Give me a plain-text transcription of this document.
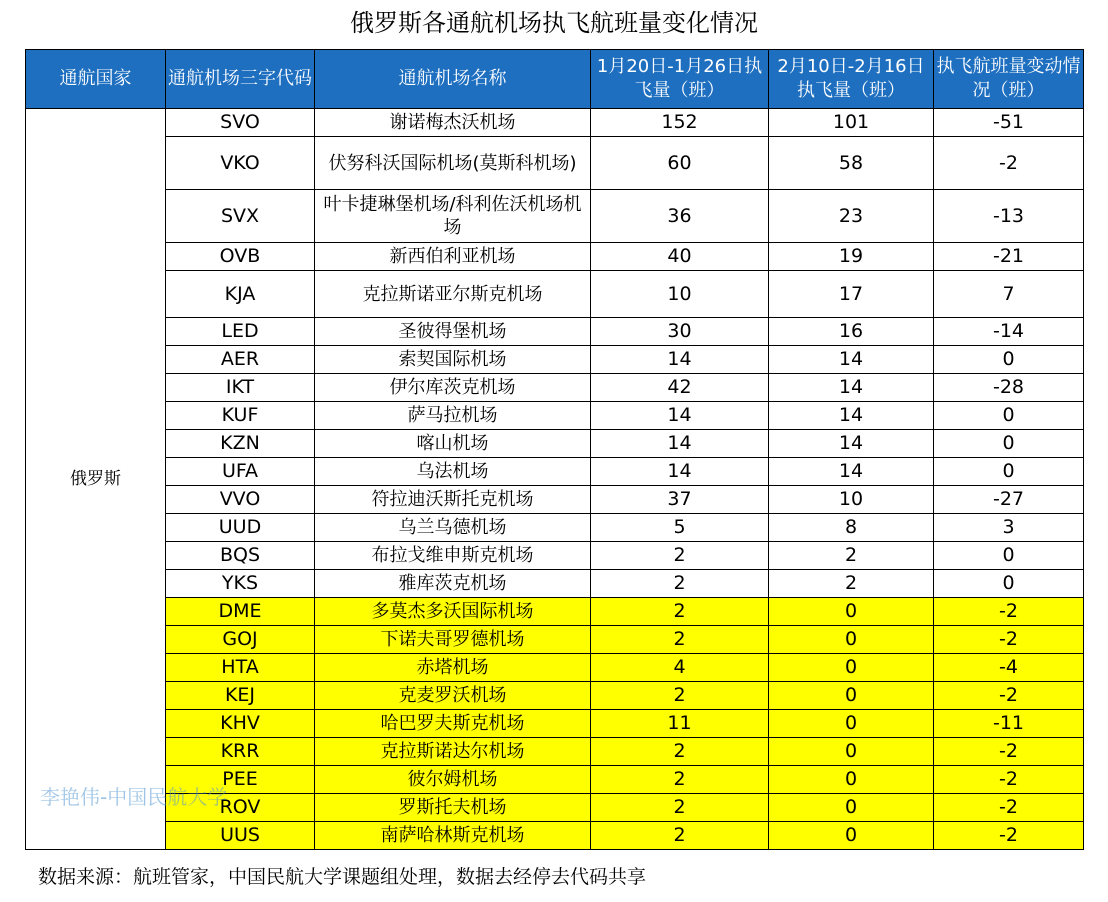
俄罗斯各通航机场执飞航班量变化情况
通航国家	通航机场三字代码	通航机场名称	1月20日-1月26日执飞量（班）	2月10日-2月16日执飞量（班）	执飞航班量变动情况（班）
俄罗斯	SVO	谢诺梅杰沃机场	152	101	-51
	VKO	伏努科沃国际机场(莫斯科机场)	60	58	-2
	SVX	叶卡捷琳堡机场/科利佐沃机场机场	36	23	-13
	OVB	新西伯利亚机场	40	19	-21
	KJA	克拉斯诺亚尔斯克机场	10	17	7
	LED	圣彼得堡机场	30	16	-14
	AER	索契国际机场	14	14	0
	IKT	伊尔库茨克机场	42	14	-28
	KUF	萨马拉机场	14	14	0
	KZN	喀山机场	14	14	0
	UFA	乌法机场	14	14	0
	VVO	符拉迪沃斯托克机场	37	10	-27
	UUD	乌兰乌德机场	5	8	3
	BQS	布拉戈维申斯克机场	2	2	0
	YKS	雅库茨克机场	2	2	0
	DME	多莫杰多沃国际机场	2	0	-2
	GOJ	下诺夫哥罗德机场	2	0	-2
	HTA	赤塔机场	4	0	-4
	KEJ	克麦罗沃机场	2	0	-2
	KHV	哈巴罗夫斯克机场	11	0	-11
	KRR	克拉斯诺达尔机场	2	0	-2
	PEE	彼尔姆机场	2	0	-2
	ROV	罗斯托夫机场	2	0	-2
	UUS	南萨哈林斯克机场	2	0	-2
李艳伟-中国民航大学
数据来源：航班管家，中国民航大学课题组处理，数据去经停去代码共享
